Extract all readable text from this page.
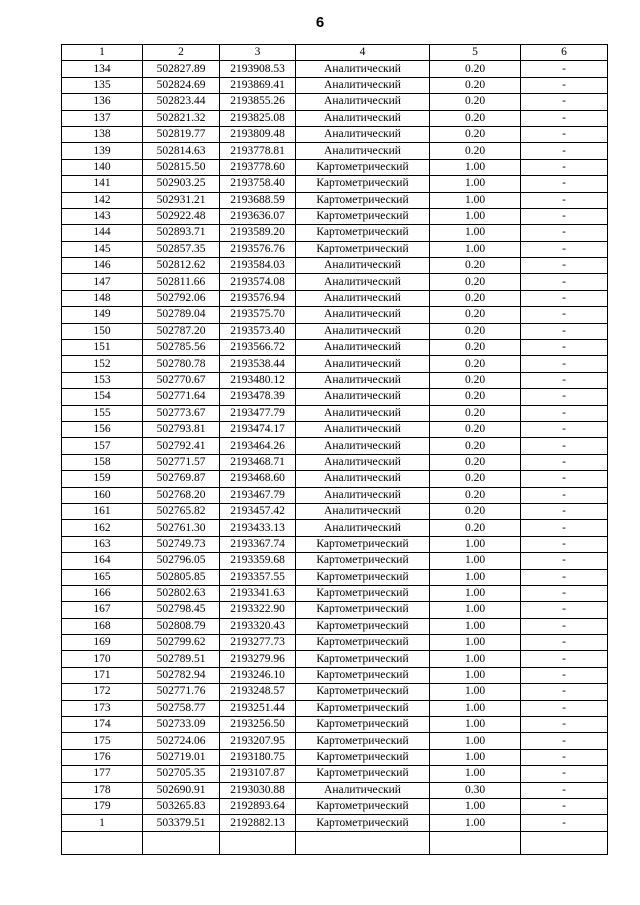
6
1	2	3	4	5	6
134	502827.89	2193908.53	Аналитический	0.20	-
135	502824.69	2193869.41	Аналитический	0.20	-
136	502823.44	2193855.26	Аналитический	0.20	-
137	502821.32	2193825.08	Аналитический	0.20	-
138	502819.77	2193809.48	Аналитический	0.20	-
139	502814.63	2193778.81	Аналитический	0.20	-
140	502815.50	2193778.60	Картометрический	1.00	-
141	502903.25	2193758.40	Картометрический	1.00	-
142	502931.21	2193688.59	Картометрический	1.00	-
143	502922.48	2193636.07	Картометрический	1.00	-
144	502893.71	2193589.20	Картометрический	1.00	-
145	502857.35	2193576.76	Картометрический	1.00	-
146	502812.62	2193584.03	Аналитический	0.20	-
147	502811.66	2193574.08	Аналитический	0.20	-
148	502792.06	2193576.94	Аналитический	0.20	-
149	502789.04	2193575.70	Аналитический	0.20	-
150	502787.20	2193573.40	Аналитический	0.20	-
151	502785.56	2193566.72	Аналитический	0.20	-
152	502780.78	2193538.44	Аналитический	0.20	-
153	502770.67	2193480.12	Аналитический	0.20	-
154	502771.64	2193478.39	Аналитический	0.20	-
155	502773.67	2193477.79	Аналитический	0.20	-
156	502793.81	2193474.17	Аналитический	0.20	-
157	502792.41	2193464.26	Аналитический	0.20	-
158	502771.57	2193468.71	Аналитический	0.20	-
159	502769.87	2193468.60	Аналитический	0.20	-
160	502768.20	2193467.79	Аналитический	0.20	-
161	502765.82	2193457.42	Аналитический	0.20	-
162	502761.30	2193433.13	Аналитический	0.20	-
163	502749.73	2193367.74	Картометрический	1.00	-
164	502796.05	2193359.68	Картометрический	1.00	-
165	502805.85	2193357.55	Картометрический	1.00	-
166	502802.63	2193341.63	Картометрический	1.00	-
167	502798.45	2193322.90	Картометрический	1.00	-
168	502808.79	2193320.43	Картометрический	1.00	-
169	502799.62	2193277.73	Картометрический	1.00	-
170	502789.51	2193279.96	Картометрический	1.00	-
171	502782.94	2193246.10	Картометрический	1.00	-
172	502771.76	2193248.57	Картометрический	1.00	-
173	502758.77	2193251.44	Картометрический	1.00	-
174	502733.09	2193256.50	Картометрический	1.00	-
175	502724.06	2193207.95	Картометрический	1.00	-
176	502719.01	2193180.75	Картометрический	1.00	-
177	502705.35	2193107.87	Картометрический	1.00	-
178	502690.91	2193030.88	Аналитический	0.30	-
179	503265.83	2192893.64	Картометрический	1.00	-
1	503379.51	2192882.13	Картометрический	1.00	-
